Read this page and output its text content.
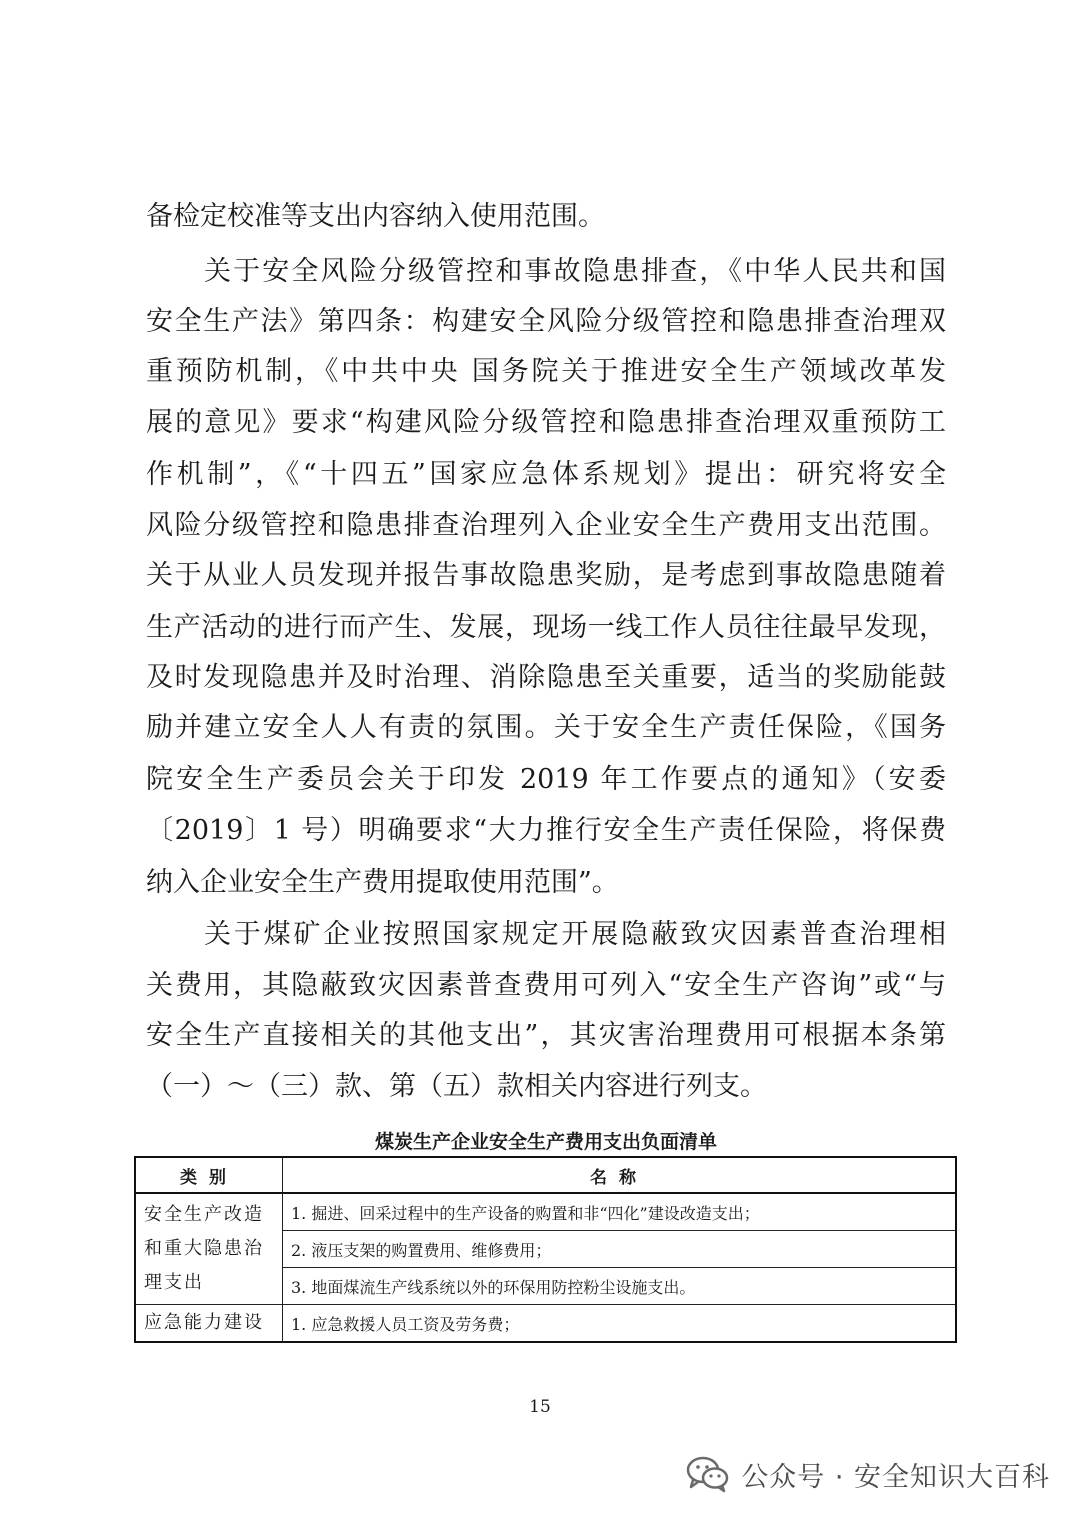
备检定校准等支出内容纳入使用范围。
关于安全风险分级管控和事故隐患排查，《中华人民共和国
安全生产法》第四条：构建安全风险分级管控和隐患排查治理双
重预防机制，《中共中央 国务院关于推进安全生产领域改革发
展的意见》要求“构建风险分级管控和隐患排查治理双重预防工
作机制”，《“十四五”国家应急体系规划》提出：研究将安全
风险分级管控和隐患排查治理列入企业安全生产费用支出范围。
关于从业人员发现并报告事故隐患奖励，是考虑到事故隐患随着
生产活动的进行而产生、发展，现场一线工作人员往往最早发现，
及时发现隐患并及时治理、消除隐患至关重要，适当的奖励能鼓
励并建立安全人人有责的氛围。关于安全生产责任保险，《国务
院安全生产委员会关于印发 2019 年工作要点的通知》（安委
〔2019〕1 号）明确要求“大力推行安全生产责任保险，将保费
纳入企业安全生产费用提取使用范围”。
关于煤矿企业按照国家规定开展隐蔽致灾因素普查治理相
关费用，其隐蔽致灾因素普查费用可列入“安全生产咨询”或“与
安全生产直接相关的其他支出”，其灾害治理费用可根据本条第
（一）～（三）款、第（五）款相关内容进行列支。
煤炭生产企业安全生产费用支出负面清单
类别	名称
安全生产改造和重大隐患治理支出	1. 掘进、回采过程中的生产设备的购置和非“四化”建设改造支出；
	2. 液压支架的购置费用、维修费用；
	3. 地面煤流生产线系统以外的环保用防控粉尘设施支出。
应急能力建设	1. 应急救援人员工资及劳务费；
15
公众号 · 安全知识大百科
